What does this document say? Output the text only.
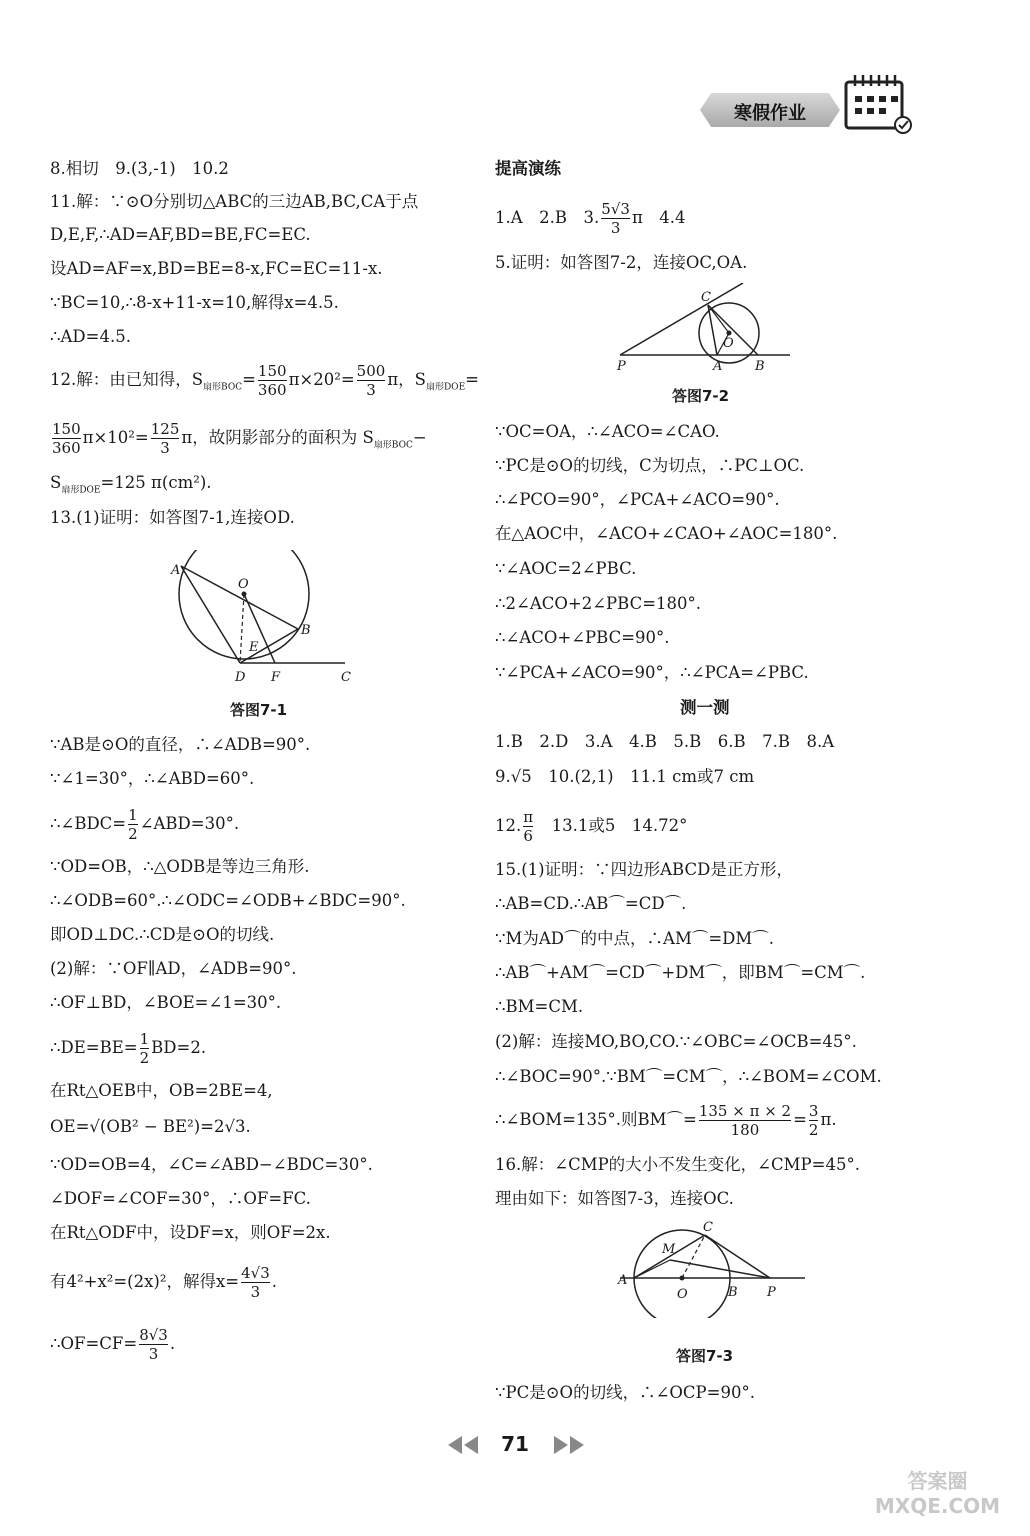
寒假作业
8.相切　9.(3,-1)　10.2
11.解：∵⊙O分别切△ABC的三边AB,BC,CA于点
D,E,F,∴AD=AF,BD=BE,FC=EC.
设AD=AF=x,BD=BE=8-x,FC=EC=11-x.
∵BC=10,∴8-x+11-x=10,解得x=4.5.
∴AD=4.5.
12.解：由已知得，$S_{扇形BOC}= \frac{150}{360} \pi\times 20^2= \frac{500}{3}$ π，$S_{扇形DOE}=$
$\frac{150}{360} \pi\times 10^2= \frac{125}{3}$ π，故阴影部分的面积为 $S_{扇形BOC}-$
$S_{扇形DOE}=125$ π(cm²).
13.(1)证明：如答图7-1,连接OD.
A
O
B
E
D F	C
答图7-1
∵AB是⊙O的直径，∴∠ADB=90°.
∵∠1=30°，∴∠ABD=60°.
∴∠BDC= $\frac{1}{2}$ ∠ABD=30°.
∵OD=OB，∴△ODB是等边三角形.
∴∠ODB=60°.∴∠ODC=∠ODB+∠BDC=90°.
即OD⊥DC.∴CD是⊙O的切线.
(2)解：∵OF∥AD，∠ADB=90°.
∴OF⊥BD，∠BOE=∠1=30°.
∴DE=BE= $\frac{1}{2} BD=2$.
在Rt△OEB中，OB=2BE=4,
OE=√(OB² − BE²)=2√3.
∵OD=OB=4，∠C=∠ABD−∠BDC=30°.
∠DOF=∠COF=30°，∴OF=FC.
在Rt△ODF中，设DF=x，则OF=2x.
有4²+x²=(2x)²，解得$x= \frac{4√3}{3}$ .
∴OF=CF= $\frac{8√3}{3}$ .
提高演练
1.A　2.B　3. $\frac{5√3}{3}$ π　4.4
5.证明：如答图7-2，连接OC,OA.
C
O
P	A	B
答图7-2
∵OC=OA，∴∠ACO=∠CAO.
∵PC是⊙O的切线，C为切点，∴PC⊥OC.
∴∠PCO=90°，∠PCA+∠ACO=90°.
在△AOC中，∠ACO+∠CAO+∠AOC=180°.
∵∠AOC=2∠PBC.
∴2∠ACO+2∠PBC=180°.
∴∠ACO+∠PBC=90°.
∵∠PCA+∠ACO=90°，∴∠PCA=∠PBC.
测一测
1.B　2.D　3.A　4.B　5.B　6.B　7.B　8.A
9.√5　10.(2,1)　11.1 cm或7 cm
12. $\frac{\pi}{6}$ 　13.1或5　14.72°
15.(1)证明：∵四边形ABCD是正方形，
∴AB=CD.∴AB⌒=CD⌒.
∵M为AD⌒的中点，∴AM⌒=DM⌒.
∴AB⌒+AM⌒=CD⌒+DM⌒，即BM⌒=CM⌒.
∴BM=CM.
(2)解：连接MO,BO,CO.∵∠OBC=∠OCB=45°.
∴∠BOC=90°.∵BM⌒=CM⌒，∴∠BOM=∠COM.
∴∠BOM=135°.则BM⌒= $\frac{135 \times \pi \times 2}{180} = \frac{3}{2} \pi$.
16.解：∠CMP的大小不发生变化，∠CMP=45°.
理由如下：如答图7-3，连接OC.
C
M
A
O	B P
答图7-3
∵PC是⊙O的切线，∴∠OCP=90°.
71
答案圈 MXQE.COM
